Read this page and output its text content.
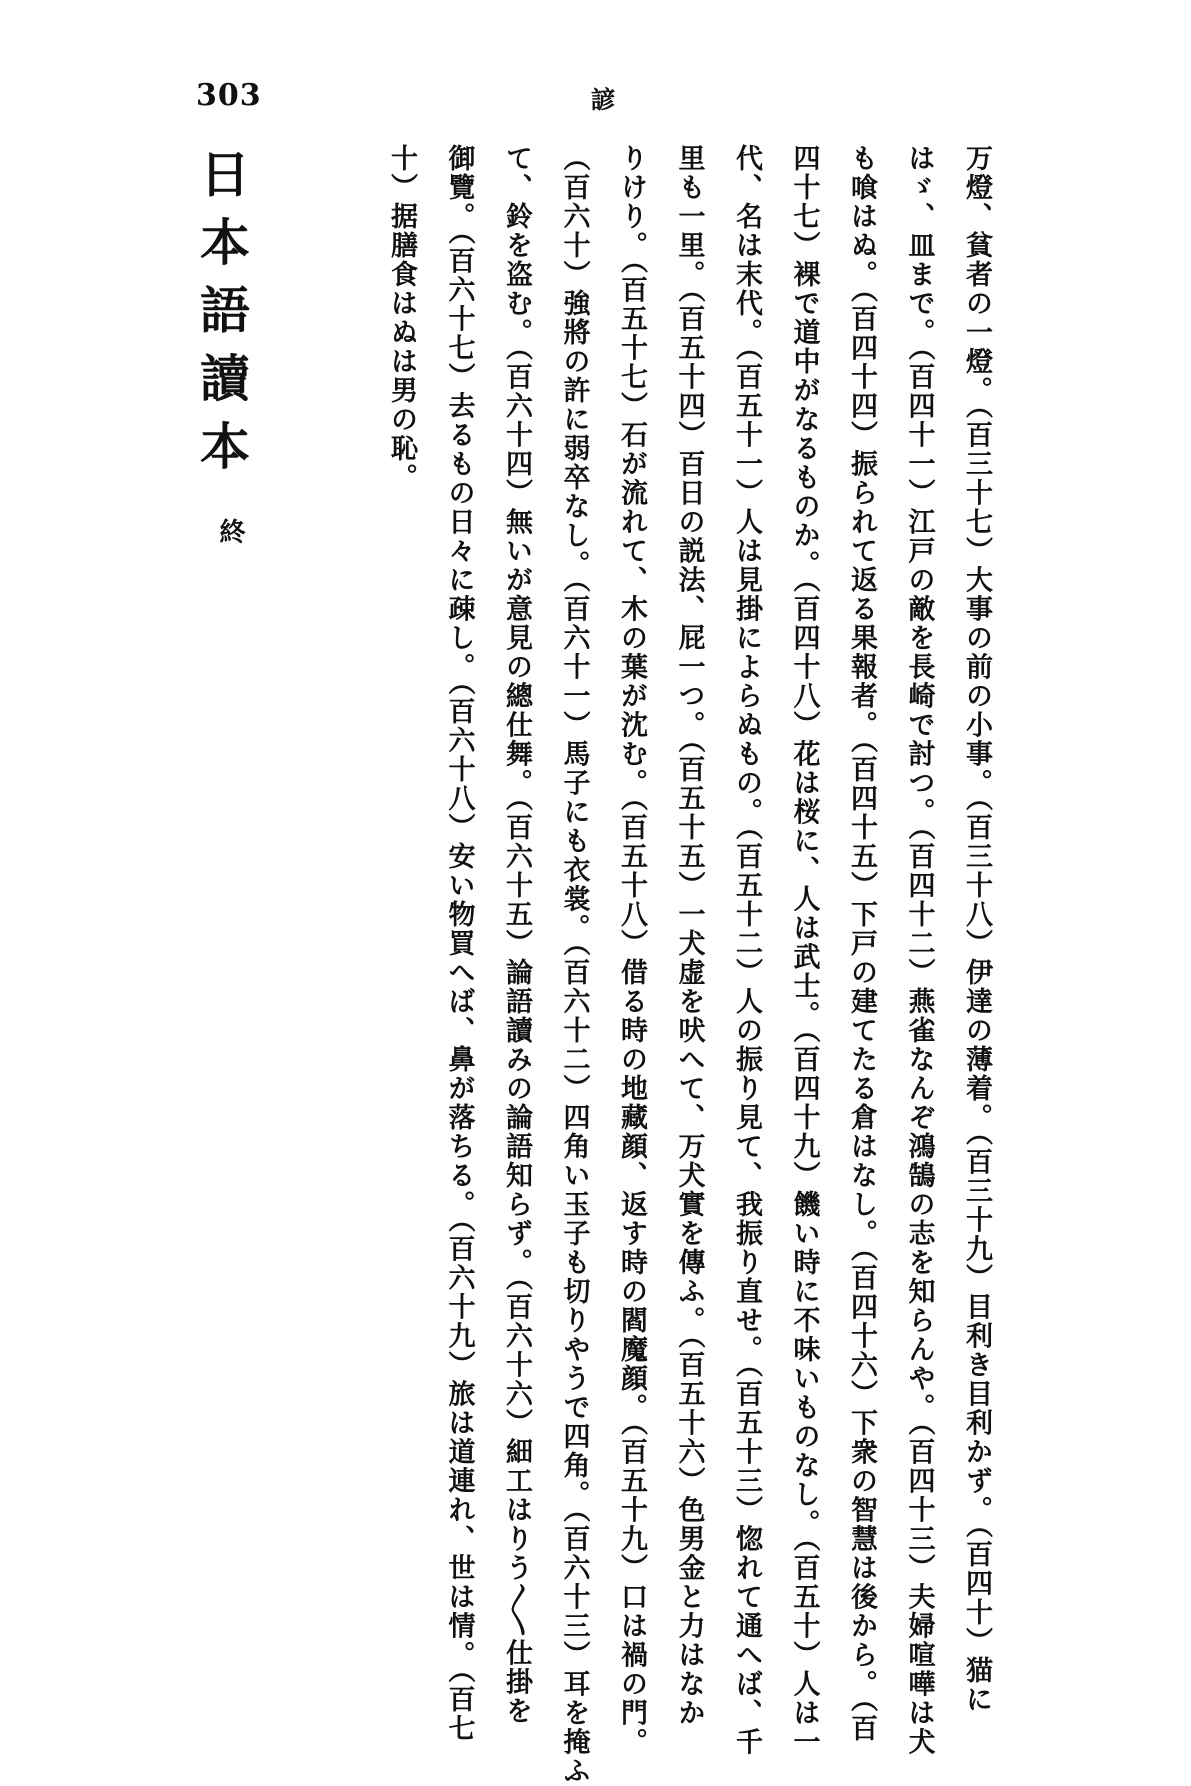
303	諺
日本語讀本
終	万燈、貧者の一燈。（百三十七）大事の前の小事。（百三十八）伊達の薄着。（百三十九）目利き目利かず。（百四十）猫に
はゞ、皿まで。（百四十一）江戸の敵を長崎で討つ。（百四十二）燕雀なんぞ鴻鵠の志を知らんや。（百四十三）夫婦喧嘩は犬
も喰はぬ。（百四十四）振られて返る果報者。（百四十五）下戸の建てたる倉はなし。（百四十六）下衆の智慧は後から。（百
四十七）裸で道中がなるものか。（百四十八）花は桜に、人は武士。（百四十九）饑い時に不味いものなし。（百五十）人は一
代、名は末代。（百五十一）人は見掛によらぬもの。（百五十二）人の振り見て、我振り直せ。（百五十三）惚れて通へば、千
里も一里。（百五十四）百日の説法、屁一つ。（百五十五）一犬虚を吠へて、万犬實を傳ふ。（百五十六）色男金と力はなか
りけり。（百五十七）石が流れて、木の葉が沈む。（百五十八）借る時の地藏顔、返す時の閻魔顔。（百五十九）口は禍の門。
（百六十）強將の許に弱卒なし。（百六十一）馬子にも衣裳。（百六十二）四角い玉子も切りやうで四角。（百六十三）耳を掩ふ
て、鈴を盗む。（百六十四）無いが意見の總仕舞。（百六十五）論語讀みの論語知らず。（百六十六）細工はりう〳〵仕掛を
御覽。（百六十七）去るもの日々に疎し。（百六十八）安い物買へば、鼻が落ちる。（百六十九）旅は道連れ、世は情。（百七
十）据膳食はぬは男の恥。
